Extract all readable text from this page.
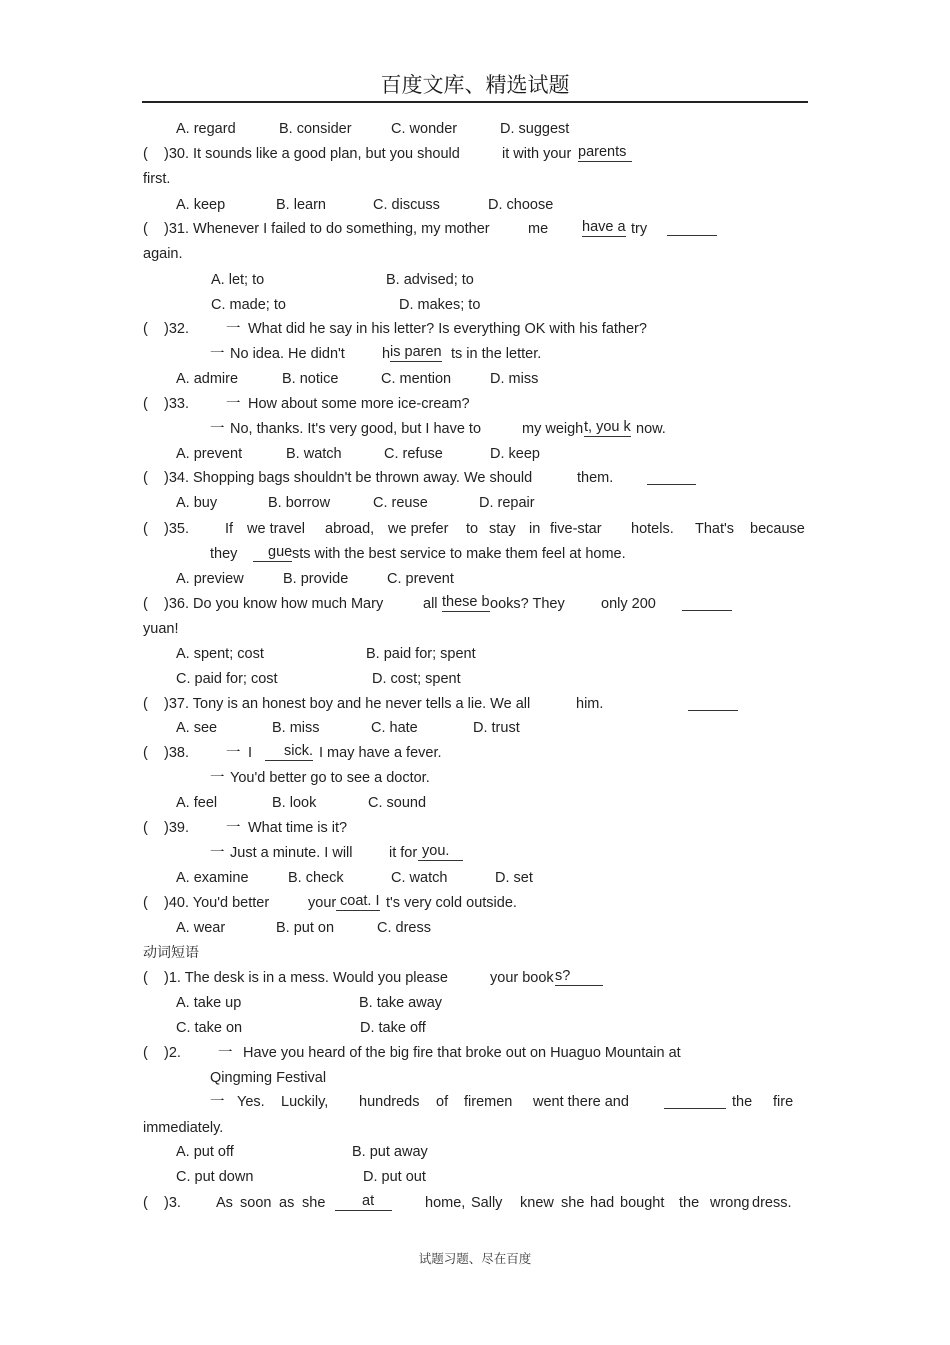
百度文库、精选试题
A. regard	B. consider	C. wonder	D. suggest
( )30. It sounds like a good plan, but you should	it with your parents
first.
A. keep	B. learn	C. discuss	D. choose
( )31. Whenever I failed to do something, my mother	me have a try
again.
A. let; to	B. advised; to
C. made; to	D. makes; to
( )32.	一 What did he say in his letter? Is everything OK with his father?
一 No idea. He didn't	h is paren ts in the letter.
A. admire	B. notice	C. mention	D. miss
( )33.	一 How about some more ice-cream?
一 No, thanks. It's very good, but I have to	my weigh t, you k now.
A. prevent	B. watch	C. refuse	D. keep
( )34. Shopping bags shouldn't be thrown away. We should	them.
A. buy	B. borrow	C. reuse	D. repair
( )35. If we travel abroad, we prefer to stay in five-star hotels. That's because
they	gue sts with the best service to make them feel at home.
A. preview	B. provide	C. prevent
( )36. Do you know how much Mary	all these b ooks? They	only 200
yuan!
A. spent; cost	B. paid for; spent
C. paid for; cost	D. cost; spent
( )37. Tony is an honest boy and he never tells a lie. We all	him.
A. see	B. miss	C. hate	D. trust
( )38.	一 I	sick. I may have a fever.
一 You'd better go to see a doctor.
A. feel	B. look	C. sound
( )39.	一 What time is it?
一 Just a minute. I will	it for you.
A. examine	B. check	C. watch	D. set
( )40. You'd better	your coat. I t's very cold outside.
A. wear	B. put on	C. dress
动词短语
( )1. The desk is in a mess. Would you please	your book s?
A. take up	B. take away
C. take on	D. take off
( )2.	一 Have you heard of the big fire that broke out on Huaguo Mountain at
Qingming Festival
一 Yes. Luckily, hundreds of firemen went there and	the fire
immediately.
A. put off	B. put away
C. put down	D. put out
( )3. As soon as she	at	home, Sally knew she had bought the wrong dress.
试题习题、尽在百度
